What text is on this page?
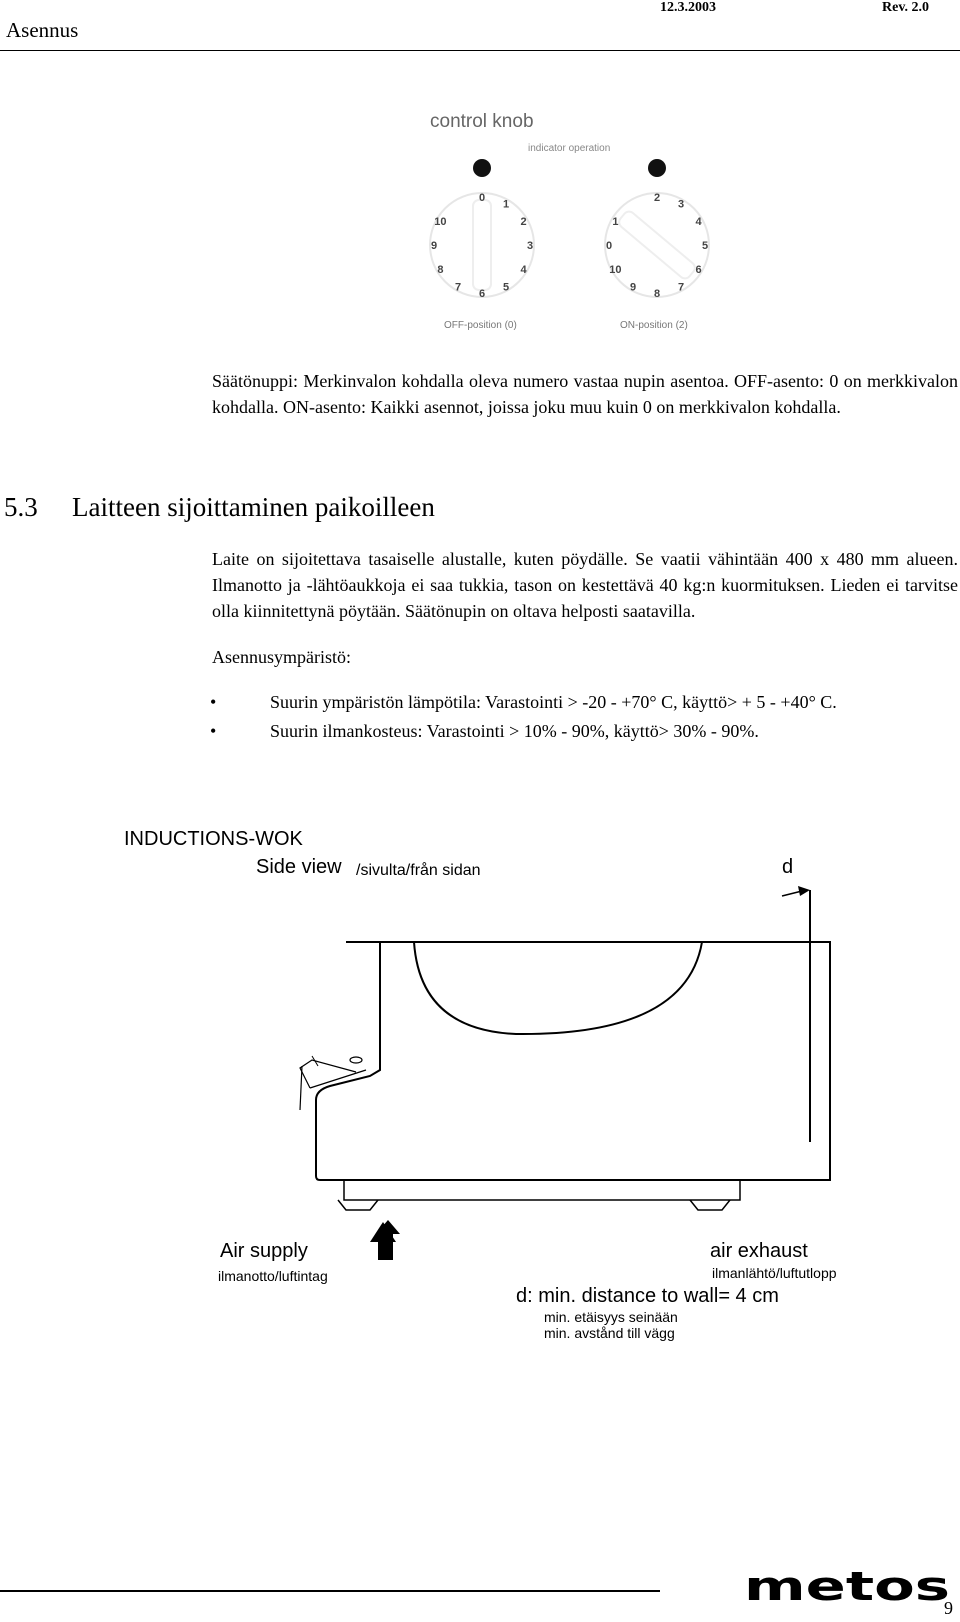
Asennus
12.3.2003	Rev. 2.0
control knob
indicator operation
0
1
2
3
4
5
6
7
8
9
10
2
3
4
5
6
7
8
9
10
0
1
OFF-position (0)	ON-position (2)
Säätönuppi: Merkinvalon kohdalla oleva numero vastaa nupin asentoa. OFF-asento: 0 on merkkivalon kohdalla. ON-asento: Kaikki asennot, joissa joku muu kuin 0 on merkkivalon kohdalla.
5.3 Laitteen sijoittaminen paikoilleen
Laite on sijoitettava tasaiselle alustalle, kuten pöydälle. Se vaatii vähintään 400 x 480 mm alueen. Ilmanotto ja -lähtöaukkoja ei saa tukkia, tason on kestettävä 40 kg:n kuormituksen. Lieden ei tarvitse olla kiinnitettynä pöytään. Säätönupin on oltava helposti saatavilla.
Asennusympäristö:
•	Suurin ympäristön lämpötila: Varastointi > -20 - +70° C, käyttö> + 5 - +40° C.
•	Suurin ilmankosteus: Varastointi > 10% - 90%, käyttö> 30% - 90%.
INDUCTIONS-WOK
Side view /sivulta/från sidan	d
Air supply
ilmanotto/luftintag
air exhaust
ilmanlähtö/luftutlopp
d: min. distance to wall= 4 cm
min. etäisyys seinään
min. avstånd till vägg
metos
9
